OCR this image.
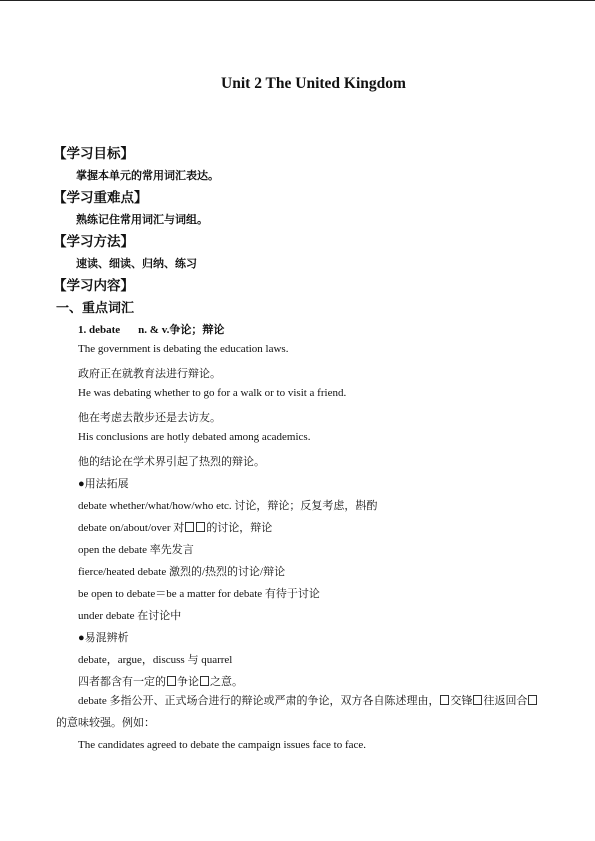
Unit 2 The United Kingdom
【学习目标】
掌握本单元的常用词汇表达。
【学习重难点】
熟练记住常用词汇与词组。
【学习方法】
速读、细读、归纳、练习
【学习内容】
一、重点词汇
1. debate n. & v.争论；辩论
The government is debating the education laws.
政府正在就教育法进行辩论。
He was debating whether to go for a walk or to visit a friend.
他在考虑去散步还是去访友。
His conclusions are hotly debated among academics.
他的结论在学术界引起了热烈的辩论。
●用法拓展
debate whether/what/how/who etc. 讨论，辩论；反复考虑，斟酌
debate on/about/over 对 的讨论，辩论
open the debate 率先发言
fierce/heated debate 激烈的/热烈的讨论/辩论
be open to debate＝be a matter for debate 有待于讨论
under debate 在讨论中
●易混辨析
debate，argue，discuss 与 quarrel
四者都含有一定的 争论 之意。
debate 多指公开、正式场合进行的辩论或严肃的争论，双方各自陈述理由， 交锋 往返回合的意味较强。例如：
The candidates agreed to debate the campaign issues face to face.
